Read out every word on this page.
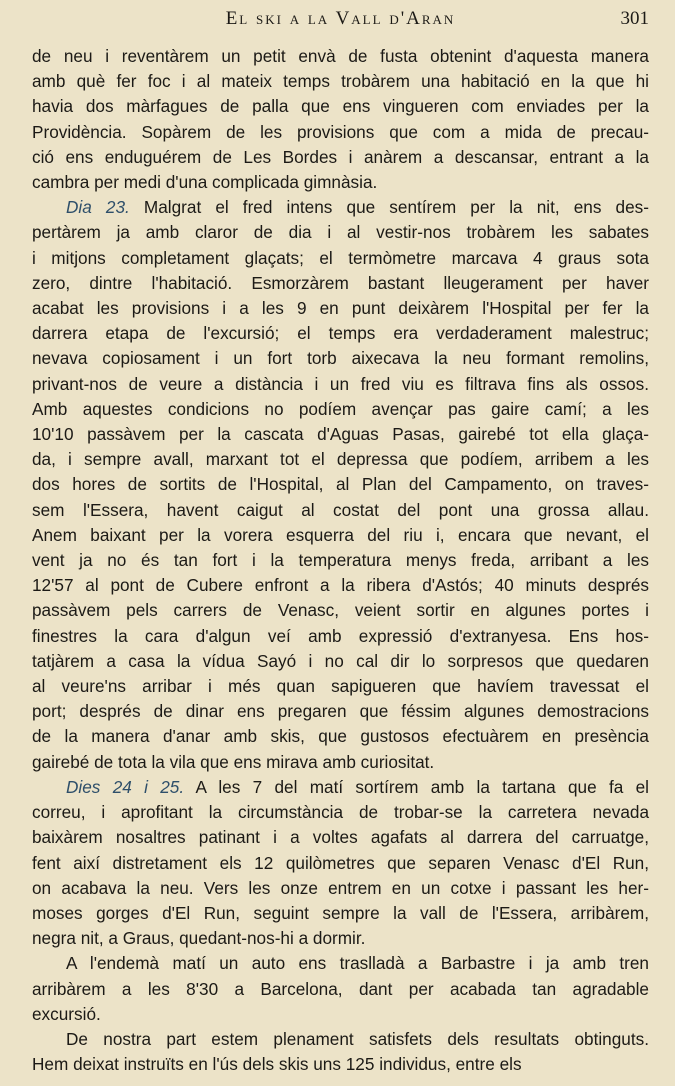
El ski a la Vall d'Aran	301
de neu i reventàrem un petit envà de fusta obtenint d'aquesta manera
amb què fer foc i al mateix temps trobàrem una habitació en la que hi
havia dos màrfagues de palla que ens vingueren com enviades per la
Providència. Sopàrem de les provisions que com a mida de precau-
ció ens enduguérem de Les Bordes i anàrem a descansar, entrant a la
cambra per medi d'una complicada gimnàsia.
Dia 23. Malgrat el fred intens que sentírem per la nit, ens des-
pertàrem ja amb claror de dia i al vestir-nos trobàrem les sabates
i mitjons completament glaçats; el termòmetre marcava 4 graus sota
zero, dintre l'habitació. Esmorzàrem bastant lleugerament per haver
acabat les provisions i a les 9 en punt deixàrem l'Hospital per fer la
darrera etapa de l'excursió; el temps era verdaderament malestruc;
nevava copiosament i un fort torb aixecava la neu formant remolins,
privant-nos de veure a distància i un fred viu es filtrava fins als ossos.
Amb aquestes condicions no podíem avençar pas gaire camí; a les
10'10 passàvem per la cascata d'Aguas Pasas, gairebé tot ella glaça-
da, i sempre avall, marxant tot el depressa que podíem, arribem a les
dos hores de sortits de l'Hospital, al Plan del Campamento, on traves-
sem l'Essera, havent caigut al costat del pont una grossa allau.
Anem baixant per la vorera esquerra del riu i, encara que nevant, el
vent ja no és tan fort i la temperatura menys freda, arribant a les
12'57 al pont de Cubere enfront a la ribera d'Astós; 40 minuts després
passàvem pels carrers de Venasc, veient sortir en algunes portes i
finestres la cara d'algun veí amb expressió d'extranyesa. Ens hos-
tatjàrem a casa la vídua Sayó i no cal dir lo sorpresos que quedaren
al veure'ns arribar i més quan sapigueren que havíem travessat el
port; després de dinar ens pregaren que féssim algunes demostracions
de la manera d'anar amb skis, que gustosos efectuàrem en presència
gairebé de tota la vila que ens mirava amb curiositat.
Dies 24 i 25. A les 7 del matí sortírem amb la tartana que fa el
correu, i aprofitant la circumstància de trobar-se la carretera nevada
baixàrem nosaltres patinant i a voltes agafats al darrera del carruatge,
fent així distretament els 12 quilòmetres que separen Venasc d'El Run,
on acabava la neu. Vers les onze entrem en un cotxe i passant les her-
moses gorges d'El Run, seguint sempre la vall de l'Essera, arribàrem,
negra nit, a Graus, quedant-nos-hi a dormir.
A l'endemà matí un auto ens traslladà a Barbastre i ja amb tren
arribàrem a les 8'30 a Barcelona, dant per acabada tan agradable
excursió.
De nostra part estem plenament satisfets dels resultats obtinguts.
Hem deixat instruïts en l'ús dels skis uns 125 individus, entre els
